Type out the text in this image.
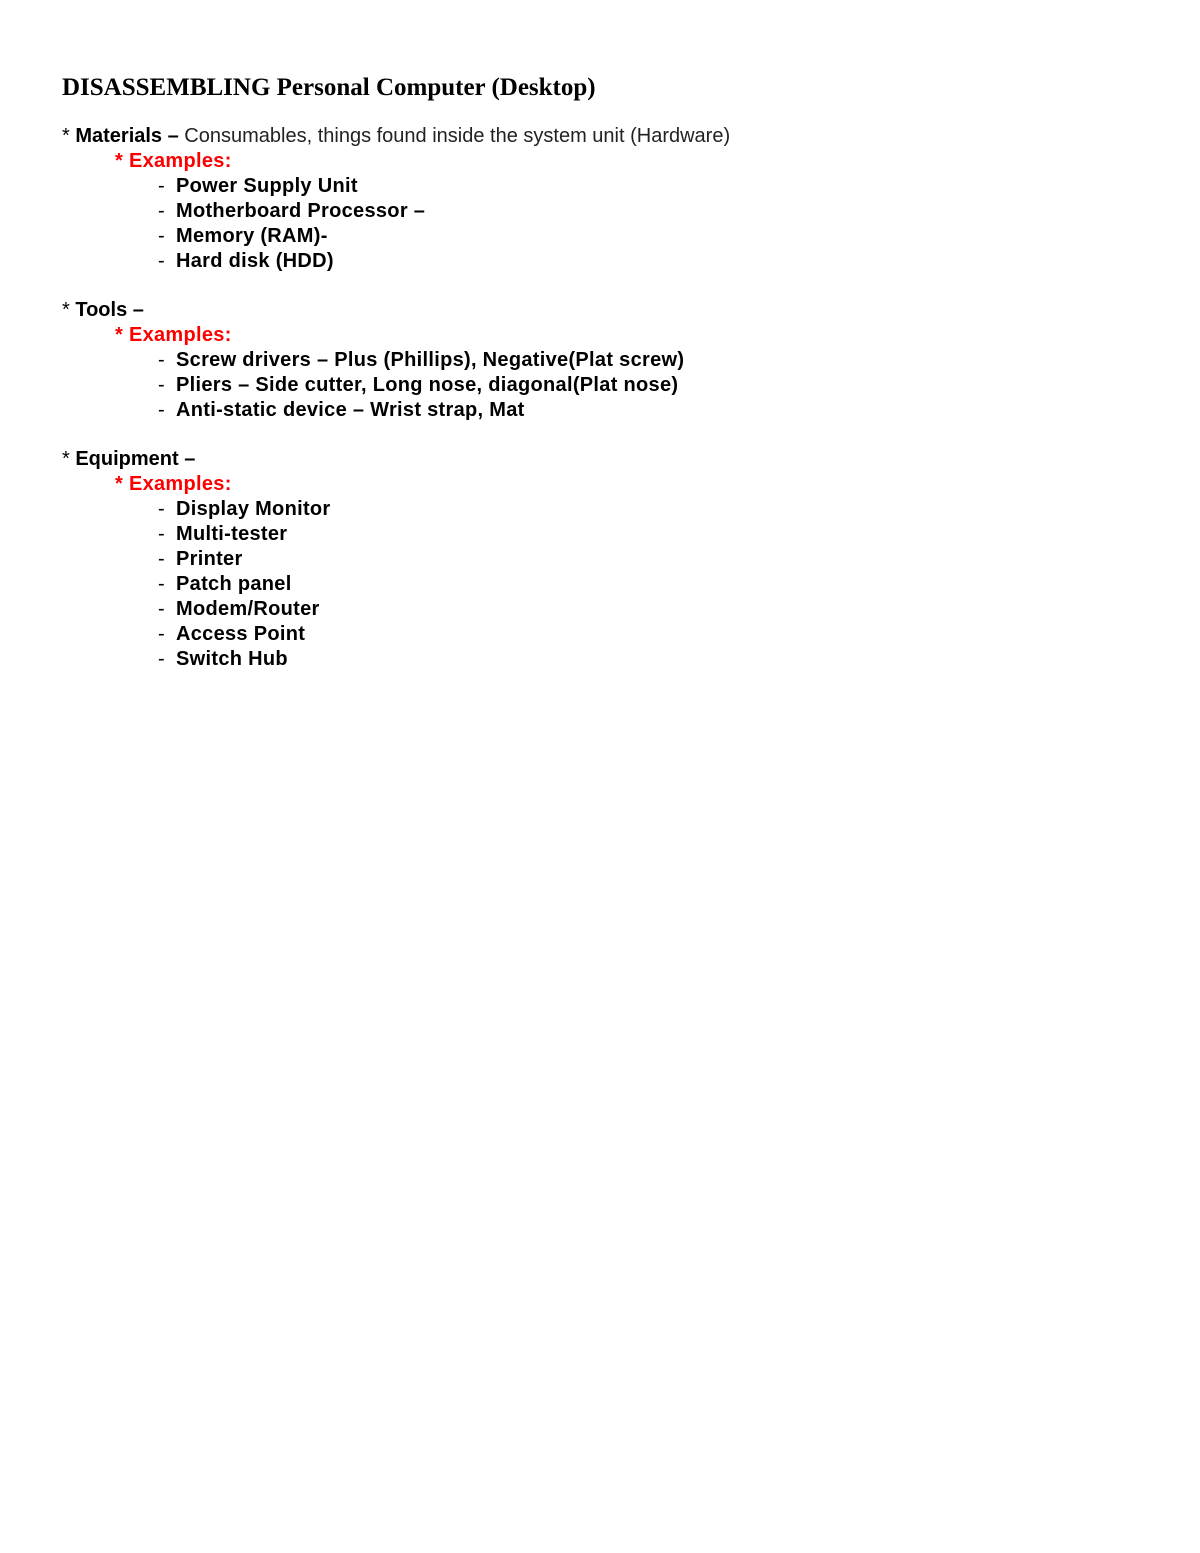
DISASSEMBLING Personal Computer (Desktop)
* Materials – Consumables, things found inside the system unit (Hardware)
* Examples:
- Power Supply Unit
- Motherboard Processor –
- Memory (RAM)-
- Hard disk (HDD)
* Tools –
* Examples:
- Screw drivers – Plus (Phillips), Negative(Plat screw)
- Pliers – Side cutter, Long nose, diagonal(Plat nose)
- Anti-static device – Wrist strap, Mat
* Equipment –
* Examples:
- Display Monitor
- Multi-tester
- Printer
- Patch panel
- Modem/Router
- Access Point
- Switch Hub
